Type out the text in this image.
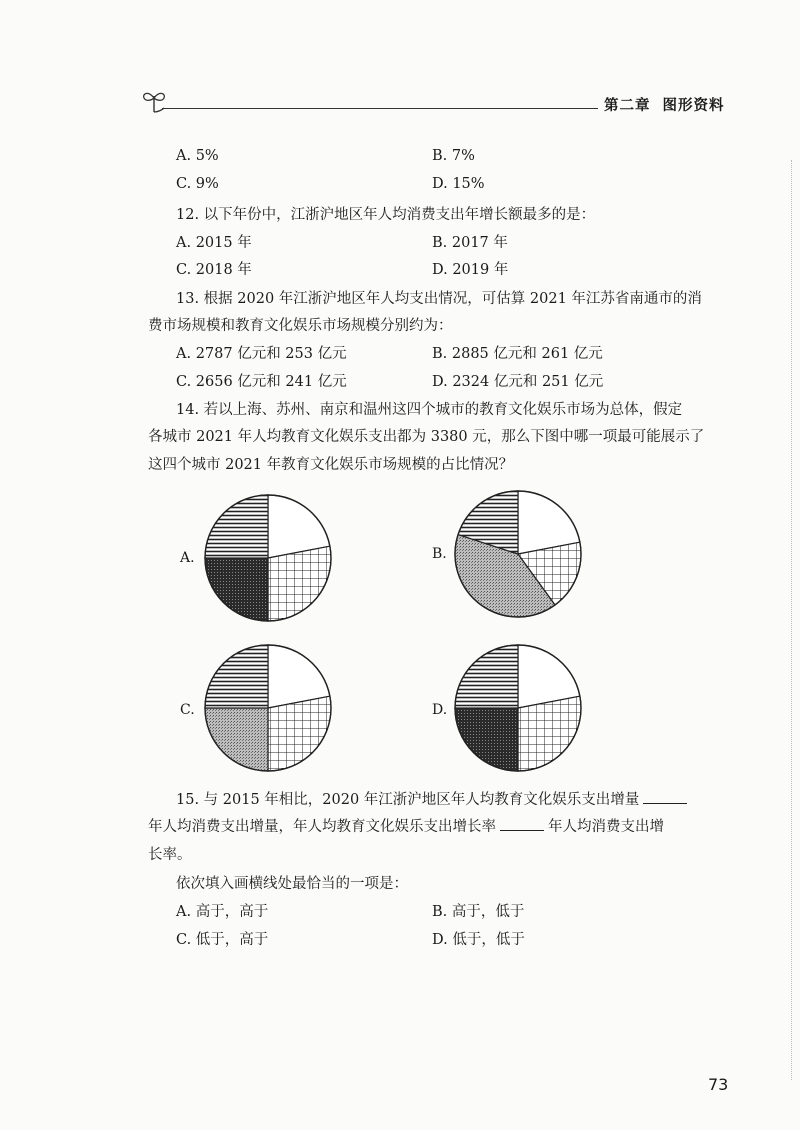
第二章 图形资料
A. 5%	B. 7%
C. 9%	D. 15%
12. 以下年份中，江浙沪地区年人均消费支出年增长额最多的是：
A. 2015 年	B. 2017 年
C. 2018 年	D. 2019 年
13. 根据 2020 年江浙沪地区年人均支出情况，可估算 2021 年江苏省南通市的消
费市场规模和教育文化娱乐市场规模分别约为：
A. 2787 亿元和 253 亿元	B. 2885 亿元和 261 亿元
C. 2656 亿元和 241 亿元	D. 2324 亿元和 251 亿元
14. 若以上海、苏州、南京和温州这四个城市的教育文化娱乐市场为总体，假定
各城市 2021 年人均教育文化娱乐支出都为 3380 元，那么下图中哪一项最可能展示了
这四个城市 2021 年教育文化娱乐市场规模的占比情况？
A.	B.
C.	D.
15. 与 2015 年相比，2020 年江浙沪地区年人均教育文化娱乐支出增量
年人均消费支出增量，年人均教育文化娱乐支出增长率	年人均消费支出增
长率。
依次填入画横线处最恰当的一项是：
A. 高于，高于	B. 高于，低于
C. 低于，高于	D. 低于，低于
73
